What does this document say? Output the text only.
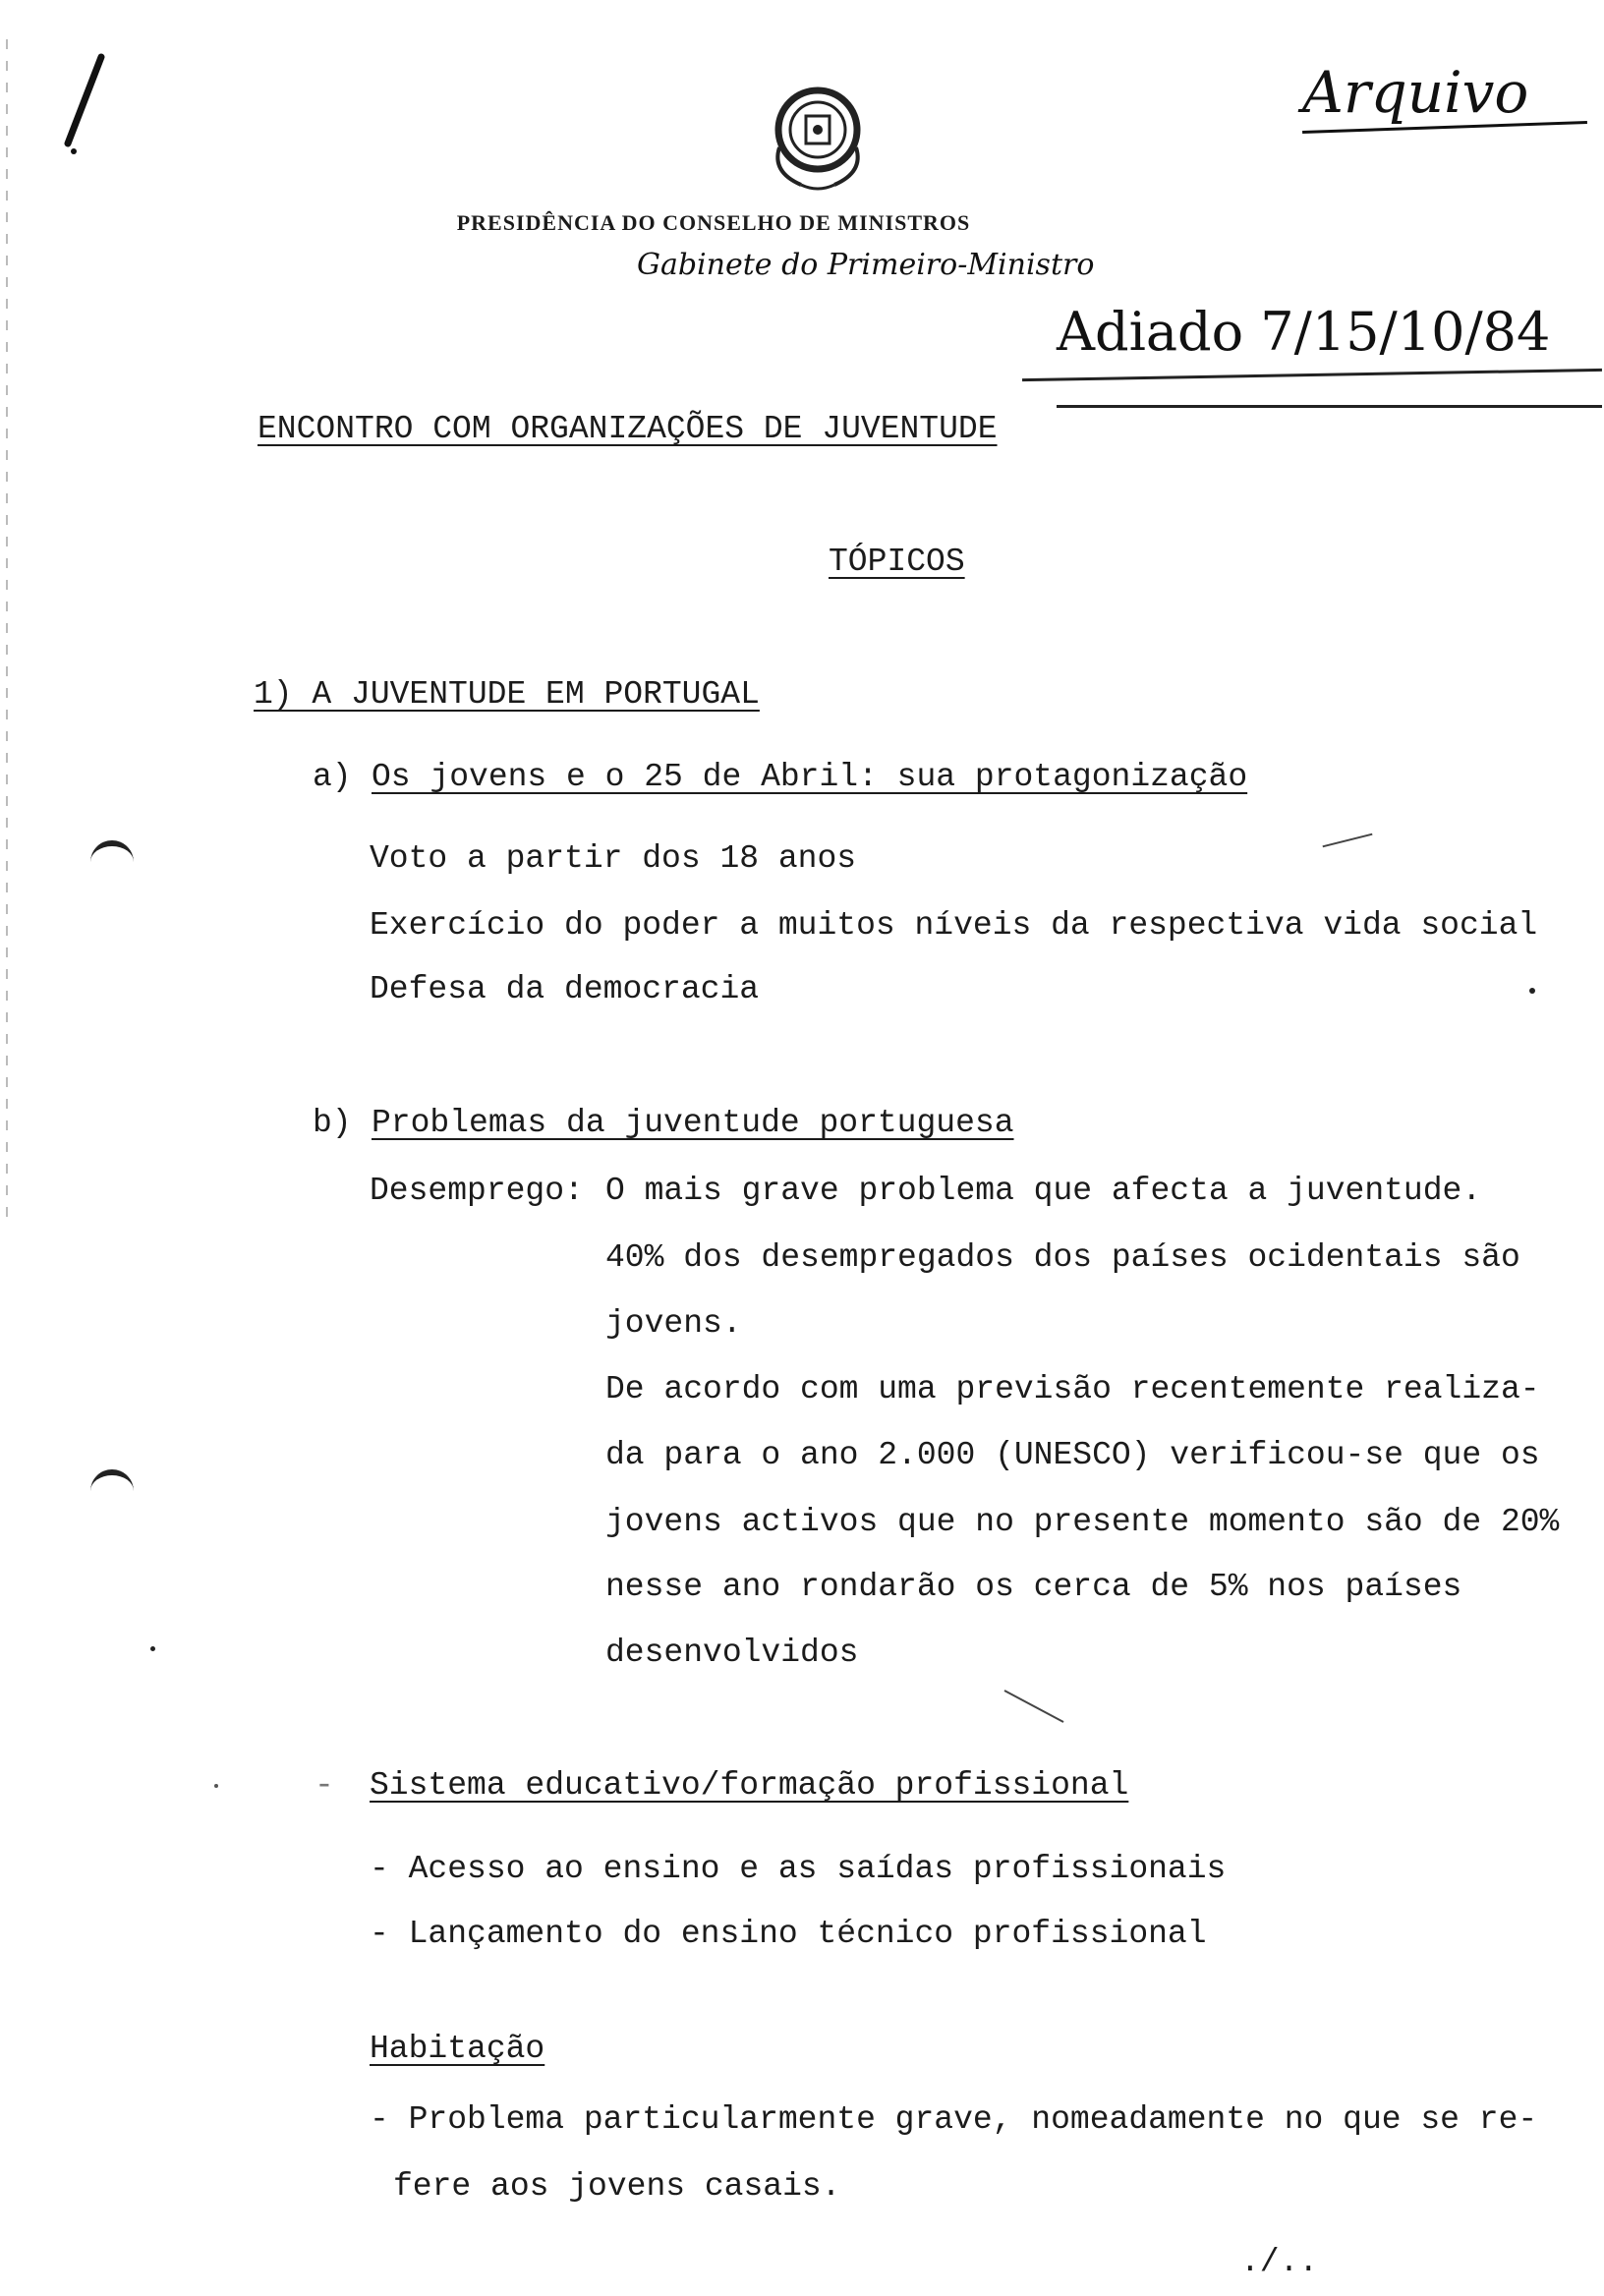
Arquivo
PRESIDÊNCIA DO CONSELHO DE MINISTROS
Gabinete do Primeiro-Ministro
Adiado 7/15/10/84
ENCONTRO COM ORGANIZAÇÕES DE JUVENTUDE
TÓPICOS
1) A JUVENTUDE EM PORTUGAL
a) Os jovens e o 25 de Abril: sua protagonização
Voto a partir dos 18 anos
Exercício do poder a muitos níveis da respectiva vida social
Defesa da democracia
b) Problemas da juventude portuguesa
Desemprego: O mais grave problema que afecta a juventude.
40% dos desempregados dos países ocidentais são
jovens.
De acordo com uma previsão recentemente realiza-
da para o ano 2.000 (UNESCO) verificou-se que os
jovens activos que no presente momento são de 20%
nesse ano rondarão os cerca de 5% nos países
desenvolvidos
- Sistema educativo/formação profissional
- Acesso ao ensino e as saídas profissionais
- Lançamento do ensino técnico profissional
Habitação
- Problema particularmente grave, nomeadamente no que se re-
fere aos jovens casais.
./..
